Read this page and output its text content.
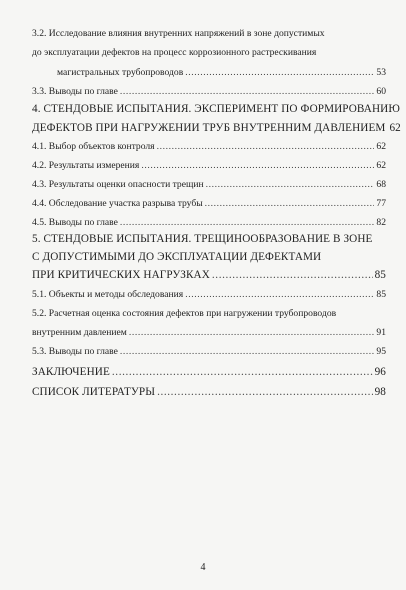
3.2. Исследование влияния внутренних напряжений в зоне допустимых
до эксплуатации дефектов на процесс коррозионного растрескивания
магистральных трубопроводов .....	53
3.3. Выводы по главе .....	60
4. СТЕНДОВЫЕ ИСПЫТАНИЯ. ЭКСПЕРИМЕНТ ПО ФОРМИРОВАНИЮ
ДЕФЕКТОВ ПРИ НАГРУЖЕНИИ ТРУБ ВНУТРЕННИМ ДАВЛЕНИЕМ 62
4.1. Выбор объектов контроля .....	62
4.2. Результаты измерения .....	62
4.3. Результаты оценки опасности трещин .....	68
4.4. Обследование участка разрыва трубы .....	77
4.5. Выводы по главе .....	82
5. СТЕНДОВЫЕ ИСПЫТАНИЯ. ТРЕЩИНООБРАЗОВАНИЕ В ЗОНЕ
С ДОПУСТИМЫМИ ДО ЭКСПЛУАТАЦИИ ДЕФЕКТАМИ
ПРИ КРИТИЧЕСКИХ НАГРУЗКАХ .....	85
5.1. Объекты и методы обследования .....	85
5.2. Расчетная оценка состояния дефектов при нагружении трубопроводов
внутренним давлением .....	91
5.3. Выводы по главе .....	95
ЗАКЛЮЧЕНИЕ .....	96
СПИСОК ЛИТЕРАТУРЫ .....	98
4
